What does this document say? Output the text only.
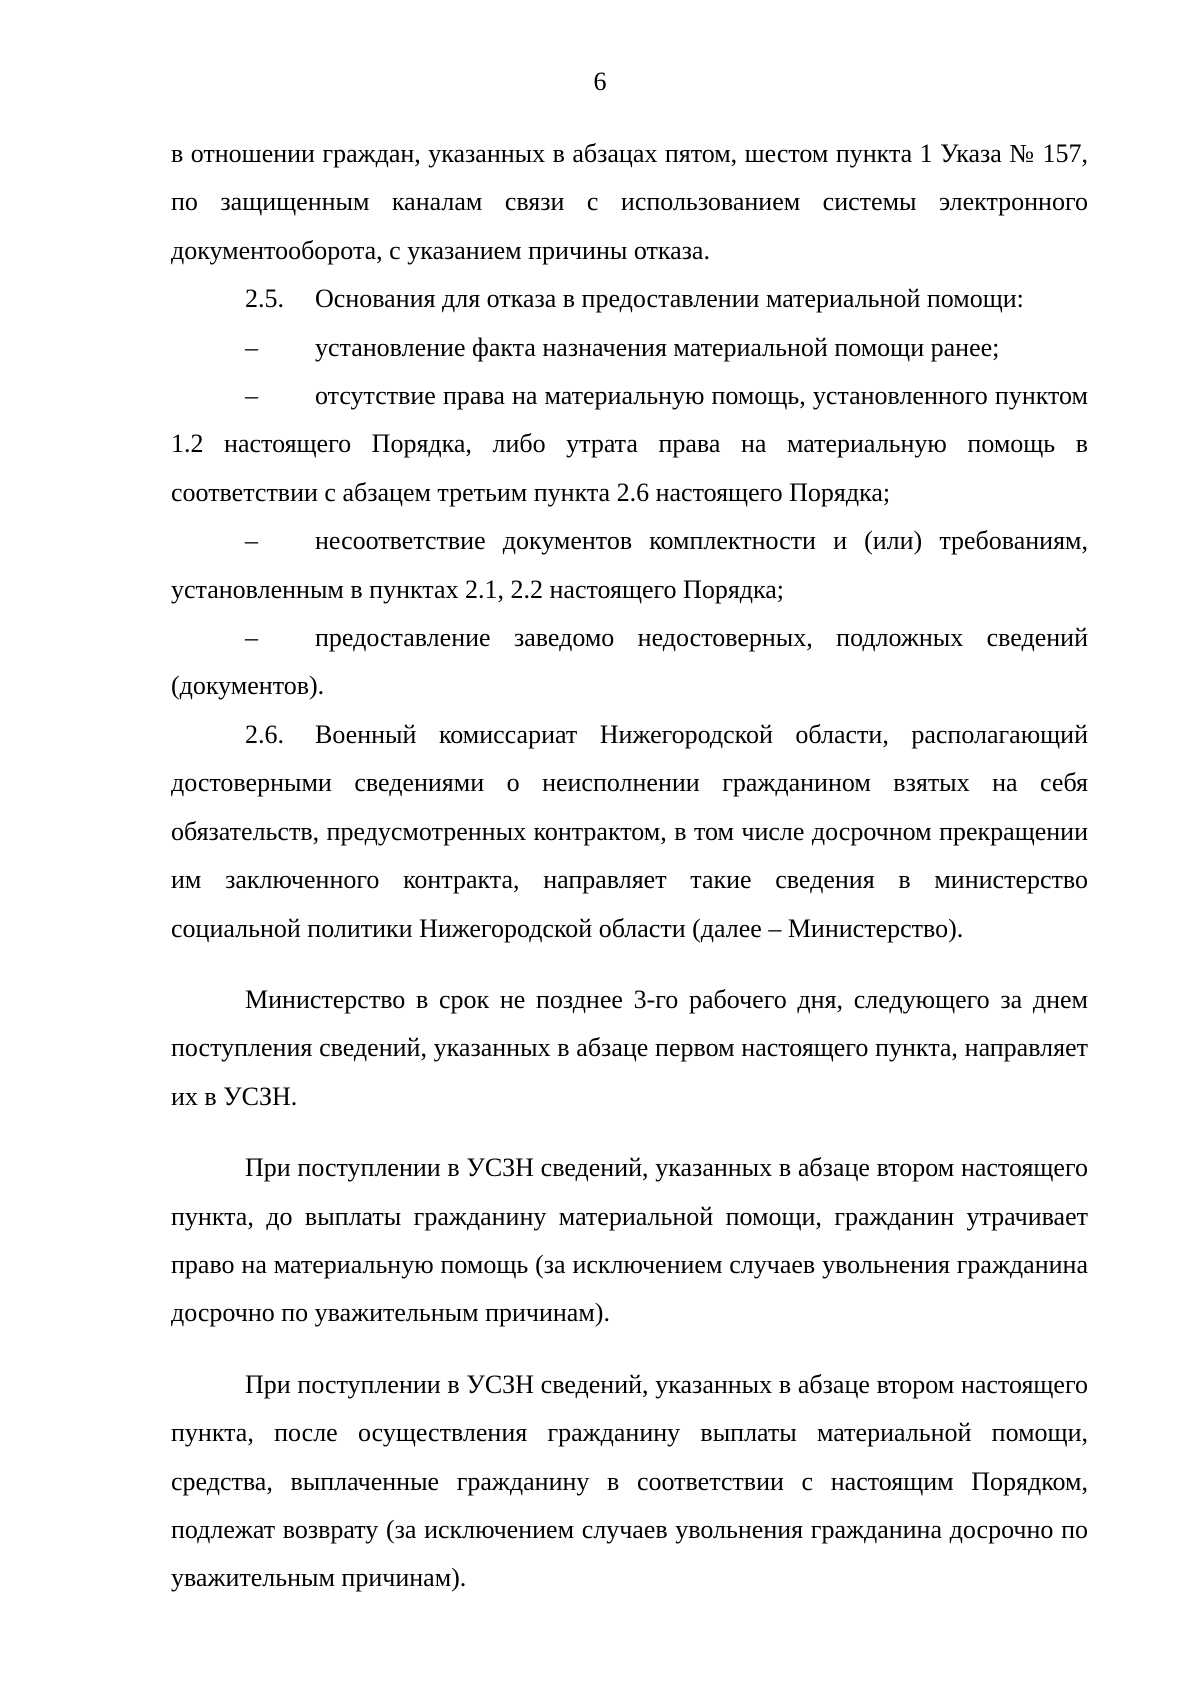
6

в отношении граждан, указанных в абзацах пятом, шестом пункта 1 Указа № 157, по защищенным каналам связи с использованием системы электронного документооборота, с указанием причины отказа.

2.5. Основания для отказа в предоставлении материальной помощи:

– установление факта назначения материальной помощи ранее;

– отсутствие права на материальную помощь, установленного пунктом 1.2 настоящего Порядка, либо утрата права на материальную помощь в соответствии с абзацем третьим пункта 2.6 настоящего Порядка;

– несоответствие документов комплектности и (или) требованиям, установленным в пунктах 2.1, 2.2 настоящего Порядка;

– предоставление заведомо недостоверных, подложных сведений (документов).

2.6. Военный комиссариат Нижегородской области, располагающий достоверными сведениями о неисполнении гражданином взятых на себя обязательств, предусмотренных контрактом, в том числе досрочном прекращении им заключенного контракта, направляет такие сведения в министерство социальной политики Нижегородской области (далее – Министерство).

Министерство в срок не позднее 3-го рабочего дня, следующего за днем поступления сведений, указанных в абзаце первом настоящего пункта, направляет их в УСЗН.

При поступлении в УСЗН сведений, указанных в абзаце втором настоящего пункта, до выплаты гражданину материальной помощи, гражданин утрачивает право на материальную помощь (за исключением случаев увольнения гражданина досрочно по уважительным причинам).

При поступлении в УСЗН сведений, указанных в абзаце втором настоящего пункта, после осуществления гражданину выплаты материальной помощи, средства, выплаченные гражданину в соответствии с настоящим Порядком, подлежат возврату (за исключением случаев увольнения гражданина досрочно по уважительным причинам).
